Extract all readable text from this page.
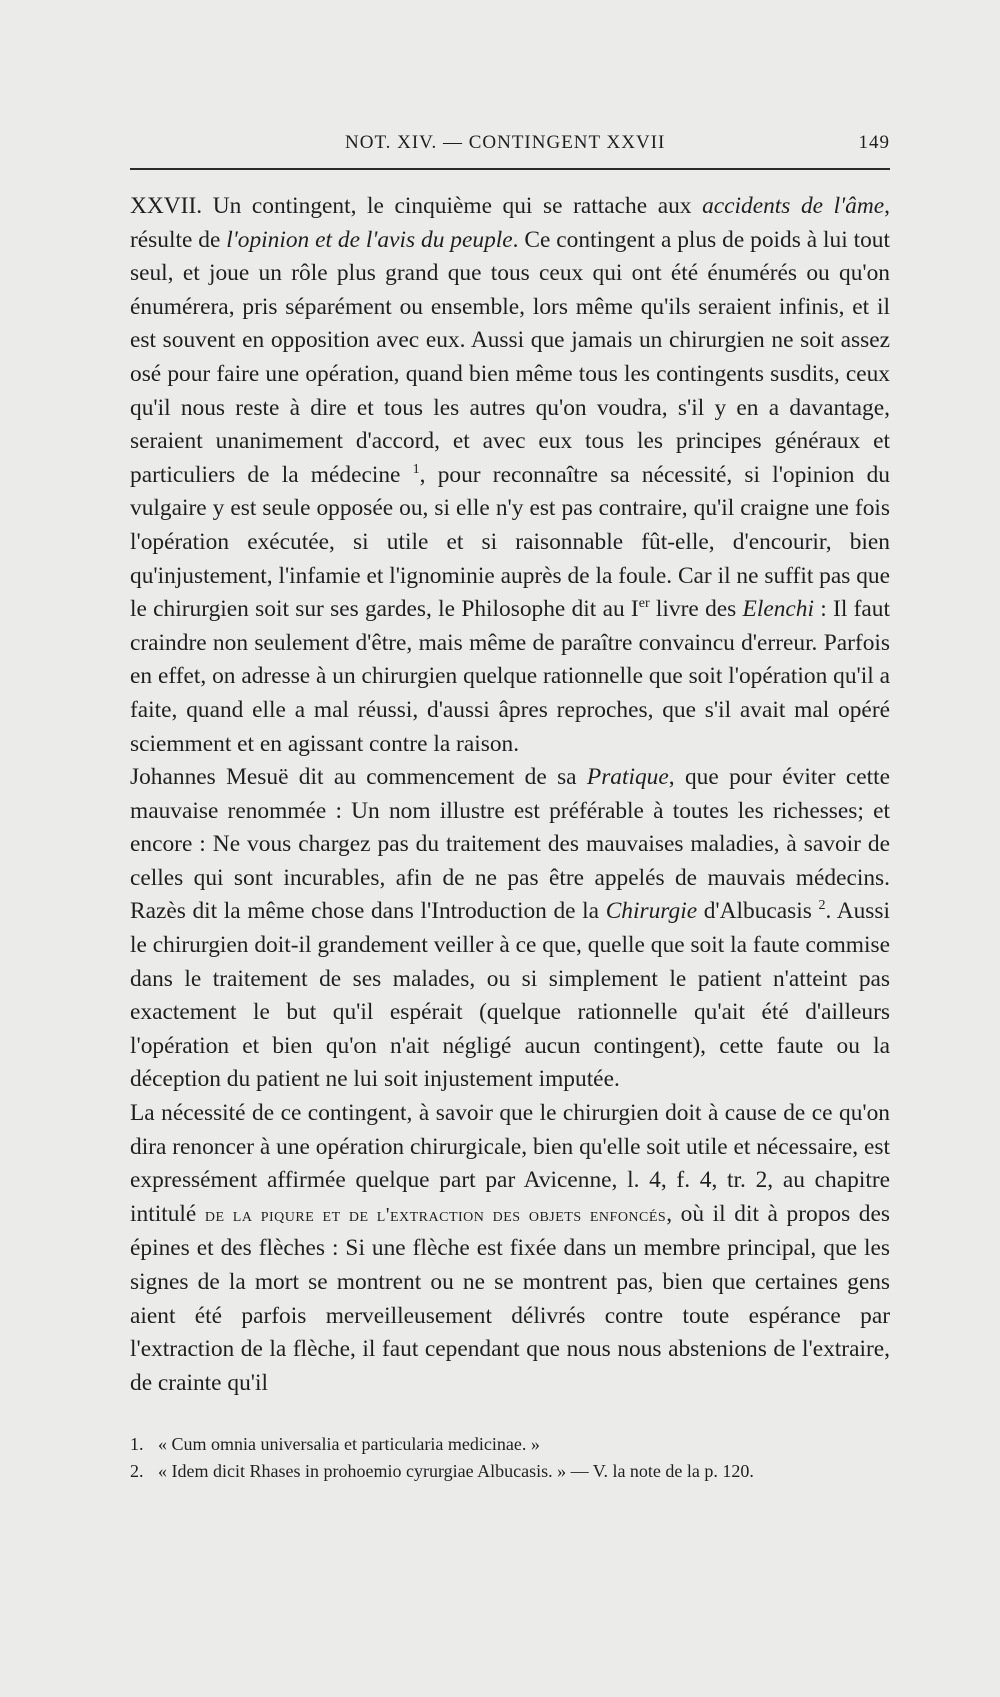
NOT. XIV. — CONTINGENT XXVII	149

XXVII. Un contingent, le cinquième qui se rattache aux accidents de l'âme, résulte de l'opinion et de l'avis du peuple. Ce contingent a plus de poids à lui tout seul, et joue un rôle plus grand que tous ceux qui ont été énumérés ou qu'on énumérera, pris séparément ou ensemble, lors même qu'ils seraient infinis, et il est souvent en opposition avec eux. Aussi que jamais un chirurgien ne soit assez osé pour faire une opération, quand bien même tous les contingents susdits, ceux qu'il nous reste à dire et tous les autres qu'on voudra, s'il y en a davantage, seraient unanimement d'accord, et avec eux tous les principes généraux et particuliers de la médecine $^1$, pour reconnaître sa nécessité, si l'opinion du vulgaire y est seule opposée ou, si elle n'y est pas contraire, qu'il craigne une fois l'opération exécutée, si utile et si raisonnable fût-elle, d'encourir, bien qu'injustement, l'infamie et l'ignominie auprès de la foule. Car il ne suffit pas que le chirurgien soit sur ses gardes, le Philosophe dit au Ier livre des Elenchi : Il faut craindre non seulement d'être, mais même de paraître convaincu d'erreur. Parfois en effet, on adresse à un chirurgien quelque rationnelle que soit l'opération qu'il a faite, quand elle a mal réussi, d'aussi âpres reproches, que s'il avait mal opéré sciemment et en agissant contre la raison.

Johannes Mesuë dit au commencement de sa Pratique, que pour éviter cette mauvaise renommée : Un nom illustre est préférable à toutes les richesses; et encore : Ne vous chargez pas du traitement des mauvaises maladies, à savoir de celles qui sont incurables, afin de ne pas être appelés de mauvais médecins. Razès dit la même chose dans l'Introduction de la Chirurgie d'Albucasis $^2$. Aussi le chirurgien doit-il grandement veiller à ce que, quelle que soit la faute commise dans le traitement de ses malades, ou si simplement le patient n'atteint pas exactement le but qu'il espérait (quelque rationnelle qu'ait été d'ailleurs l'opération et bien qu'on n'ait négligé aucun contingent), cette faute ou la déception du patient ne lui soit injustement imputée.

La nécessité de ce contingent, à savoir que le chirurgien doit à cause de ce qu'on dira renoncer à une opération chirurgicale, bien qu'elle soit utile et nécessaire, est expressément affirmée quelque part par Avicenne, l. 4, f. 4, tr. 2, au chapitre intitulé de la piqure et de l'extraction des objets enfoncés, où il dit à propos des épines et des flèches : Si une flèche est fixée dans un membre principal, que les signes de la mort se montrent ou ne se montrent pas, bien que certaines gens aient été parfois merveilleusement délivrés contre toute espérance par l'extraction de la flèche, il faut cependant que nous nous abstenions de l'extraire, de crainte qu'il

1. « Cum omnia universalia et particularia medicinae. »
2. « Idem dicit Rhases in prohoemio cyrurgiae Albucasis. » — V. la note de la p. 120.
